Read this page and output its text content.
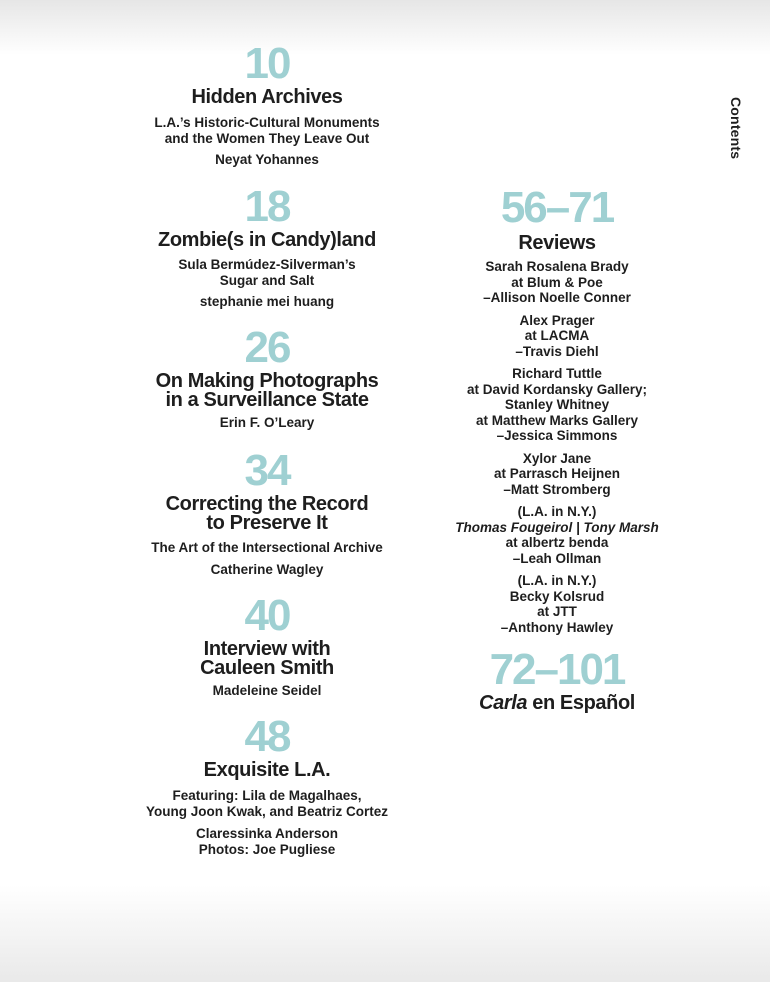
Contents
10
Hidden Archives
L.A.’s Historic-Cultural Monuments
and the Women They Leave Out
Neyat Yohannes
18
Zombie(s in Candy)land
Sula Bermúdez-Silverman’s
Sugar and Salt
stephanie mei huang
26
On Making Photographs
in a Surveillance State
Erin F. O’Leary
34
Correcting the Record
to Preserve It
The Art of the Intersectional Archive
Catherine Wagley
40
Interview with
Cauleen Smith
Madeleine Seidel
48
Exquisite L.A.
Featuring: Lila de Magalhaes,
Young Joon Kwak, and Beatriz Cortez
Claressinka Anderson
Photos: Joe Pugliese
56–71
Reviews
Sarah Rosalena Brady
at Blum & Poe
–Allison Noelle Conner
Alex Prager
at LACMA
–Travis Diehl
Richard Tuttle
at David Kordansky Gallery;
Stanley Whitney
at Matthew Marks Gallery
–Jessica Simmons
Xylor Jane
at Parrasch Heijnen
–Matt Stromberg
(L.A. in N.Y.)
Thomas Fougeirol | Tony Marsh
at albertz benda
–Leah Ollman
(L.A. in N.Y.)
Becky Kolsrud
at JTT
–Anthony Hawley
72–101
Carla en Español
